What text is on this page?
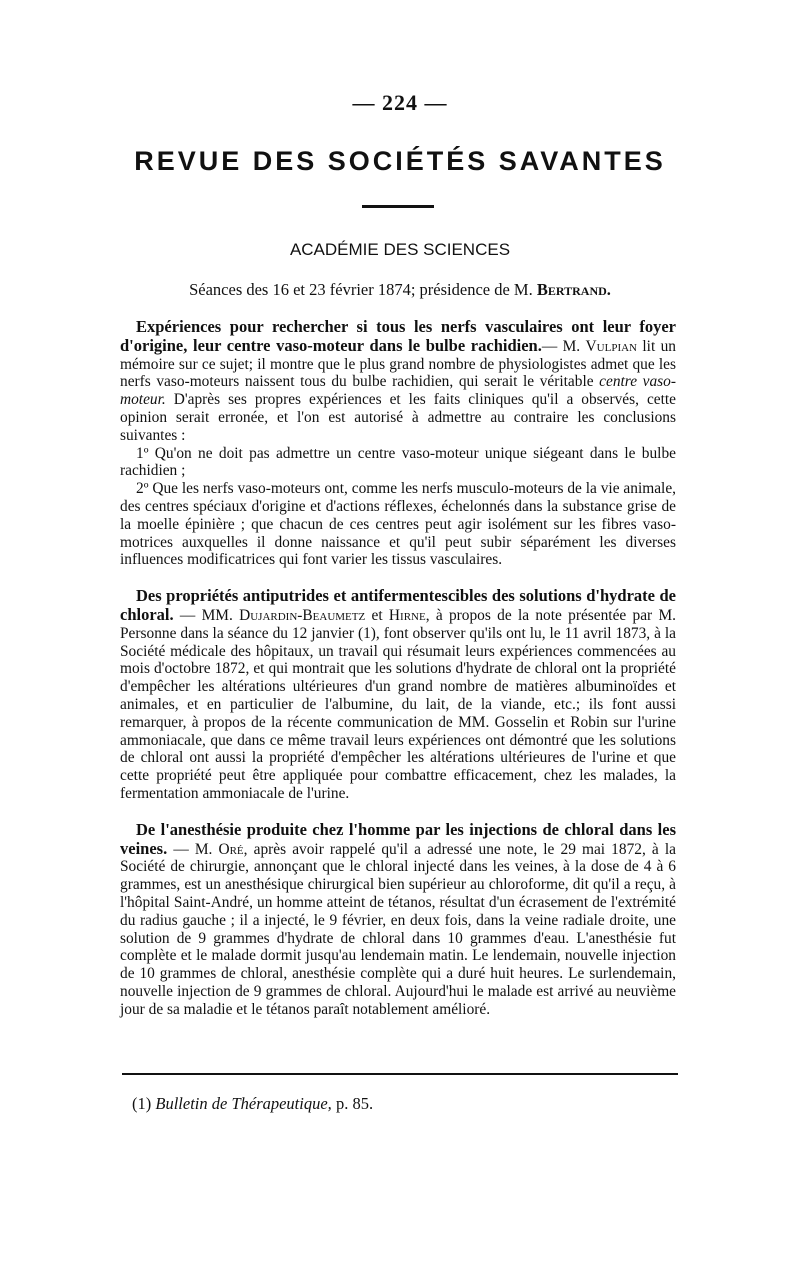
— 224 —
REVUE DES SOCIÉTÉS SAVANTES
ACADÉMIE DES SCIENCES
Séances des 16 et 23 février 1874; présidence de M. Bertrand.

Expériences pour rechercher si tous les nerfs vasculaires ont leur foyer d'origine, leur centre vaso-moteur dans le bulbe rachidien.— M. Vulpian lit un mémoire sur ce sujet; il montre que le plus grand nombre de physiologistes admet que les nerfs vaso-moteurs naissent tous du bulbe rachidien, qui serait le véritable centre vaso-moteur. D'après ses propres expériences et les faits cliniques qu'il a observés, cette opinion serait erronée, et l'on est autorisé à admettre au contraire les conclusions suivantes :

1º Qu'on ne doit pas admettre un centre vaso-moteur unique siégeant dans le bulbe rachidien ;

2º Que les nerfs vaso-moteurs ont, comme les nerfs musculo-moteurs de la vie animale, des centres spéciaux d'origine et d'actions réflexes, échelonnés dans la substance grise de la moelle épinière ; que chacun de ces centres peut agir isolément sur les fibres vaso-motrices auxquelles il donne naissance et qu'il peut subir séparément les diverses influences modificatrices qui font varier les tissus vasculaires.

Des propriétés antiputrides et antifermentescibles des solutions d'hydrate de chloral. — MM. Dujardin-Beaumetz et Hirne, à propos de la note présentée par M. Personne dans la séance du 12 janvier (1), font observer qu'ils ont lu, le 11 avril 1873, à la Société médicale des hôpitaux, un travail qui résumait leurs expériences commencées au mois d'octobre 1872, et qui montrait que les solutions d'hydrate de chloral ont la propriété d'empêcher les altérations ultérieures d'un grand nombre de matières albuminoïdes et animales, et en particulier de l'albumine, du lait, de la viande, etc.; ils font aussi remarquer, à propos de la récente communication de MM. Gosselin et Robin sur l'urine ammoniacale, que dans ce même travail leurs expériences ont démontré que les solutions de chloral ont aussi la propriété d'empêcher les altérations ultérieures de l'urine et que cette propriété peut être appliquée pour combattre efficacement, chez les malades, la fermentation ammoniacale de l'urine.

De l'anesthésie produite chez l'homme par les injections de chloral dans les veines. — M. Oré, après avoir rappelé qu'il a adressé une note, le 29 mai 1872, à la Société de chirurgie, annonçant que le chloral injecté dans les veines, à la dose de 4 à 6 grammes, est un anesthésique chirurgical bien supérieur au chloroforme, dit qu'il a reçu, à l'hôpital Saint-André, un homme atteint de tétanos, résultat d'un écrasement de l'extrémité du radius gauche ; il a injecté, le 9 février, en deux fois, dans la veine radiale droite, une solution de 9 grammes d'hydrate de chloral dans 10 grammes d'eau. L'anesthésie fut complète et le malade dormit jusqu'au lendemain matin. Le lendemain, nouvelle injection de 10 grammes de chloral, anesthésie complète qui a duré huit heures. Le surlendemain, nouvelle injection de 9 grammes de chloral. Aujourd'hui le malade est arrivé au neuvième jour de sa maladie et le tétanos paraît notablement amélioré.

(1) Bulletin de Thérapeutique, p. 85.
